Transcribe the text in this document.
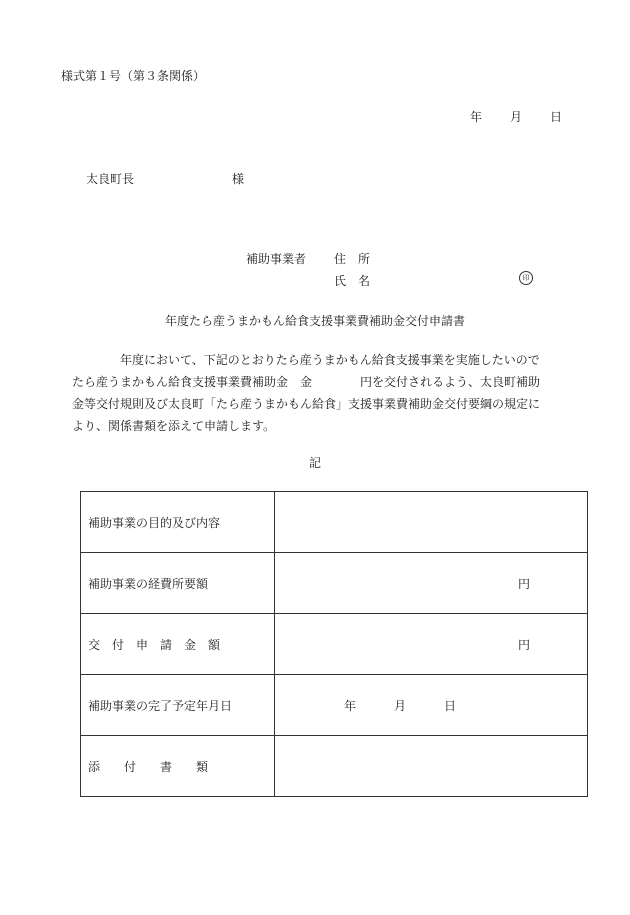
様式第１号（第３条関係）
年 月 日
太良町長	様
補助事業者 住　所
氏　名	印
年度たら産うまかもん給食支援事業費補助金交付申請書
年度において、下記のとおりたら産うまかもん給食支援事業を実施したいので
たら産うまかもん給食支援事業費補助金　金　　　　円を交付されるよう、太良町補助
金等交付規則及び太良町「たら産うまかもん給食」支援事業費補助金交付要綱の規定に
より、関係書類を添えて申請します。
記
補助事業の目的及び内容	
補助事業の経費所要額	円

交　付　申　請　金　額	円

補助事業の完了予定年月日	年 月 日

添　　付　　書　　類	
